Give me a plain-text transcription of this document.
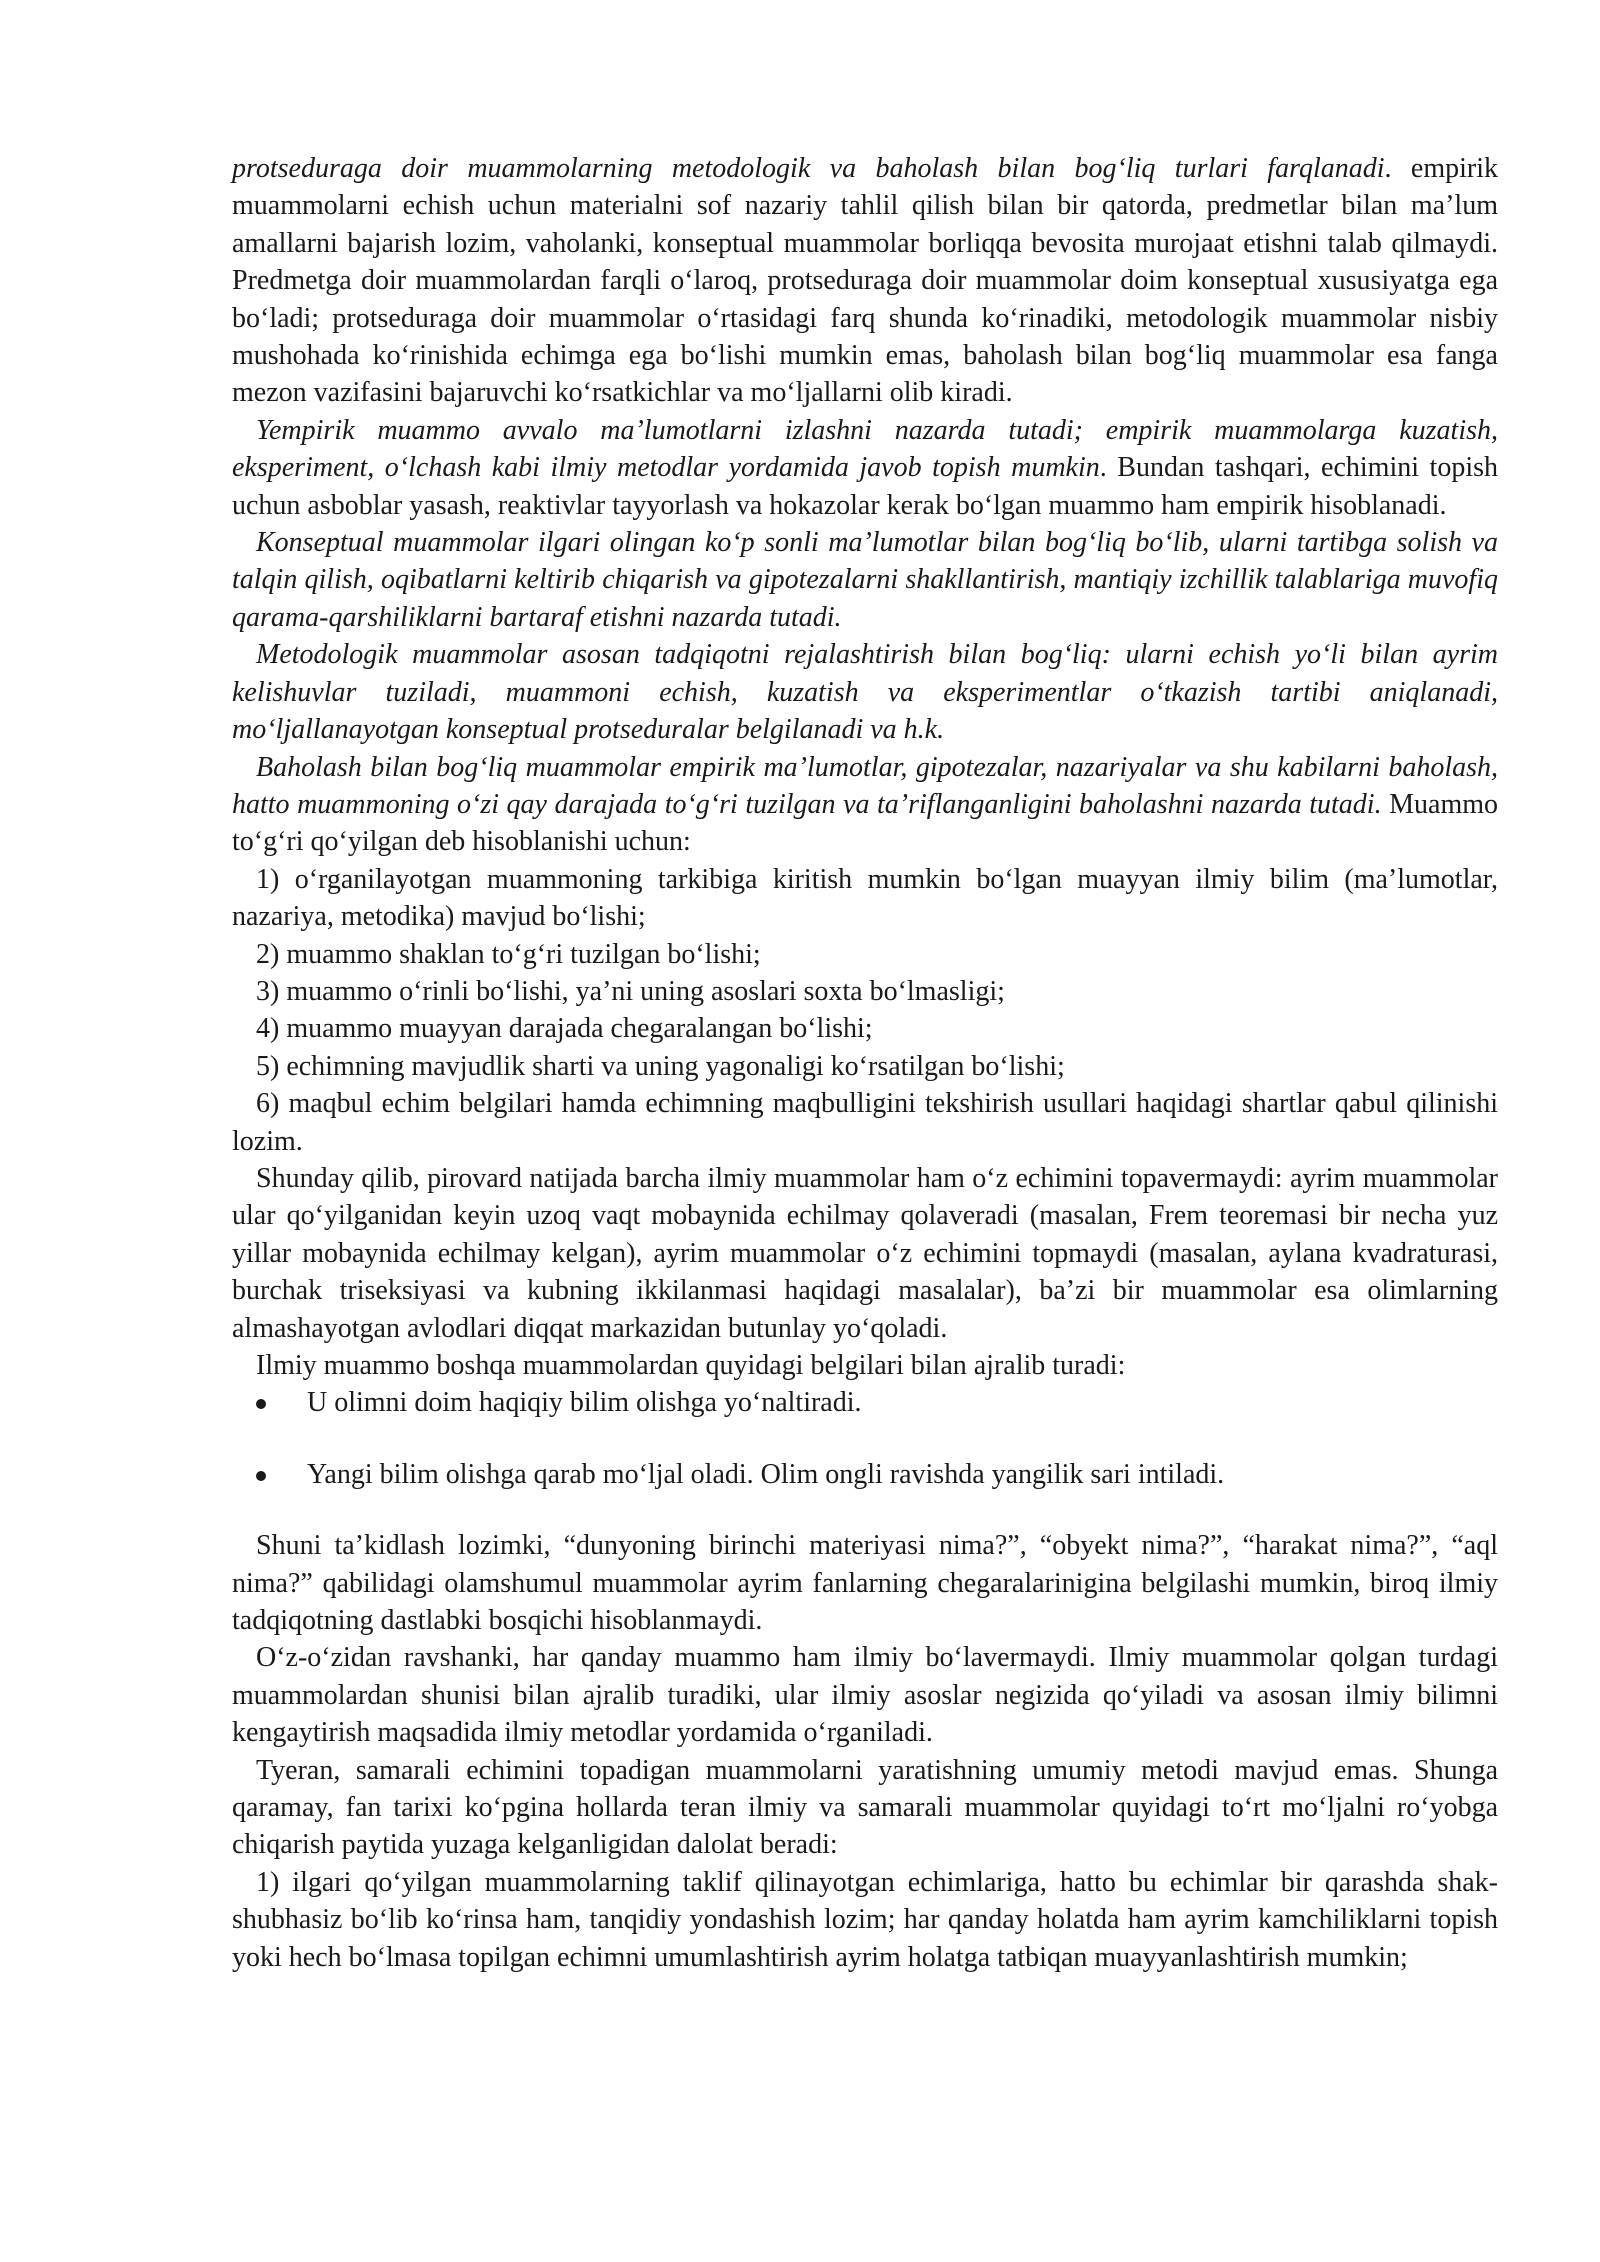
protseduraga doir muammolarning metodologik va baholash bilan bog‘liq turlari farqlanadi. empirik muammolarni echish uchun materialni sof nazariy tahlil qilish bilan bir qatorda, predmetlar bilan ma’lum amallarni bajarish lozim, vaholanki, konseptual muammolar borliqqa bevosita murojaat etishni talab qilmaydi. Predmetga doir muammolardan farqli o‘laroq, protseduraga doir muammolar doim konseptual xususiyatga ega bo‘ladi; protseduraga doir muammolar o‘rtasidagi farq shunda ko‘rinadiki, metodologik muammolar nisbiy mushohada ko‘rinishida echimga ega bo‘lishi mumkin emas, baholash bilan bog‘liq muammolar esa fanga mezon vazifasini bajaruvchi ko‘rsatkichlar va mo‘ljallarni olib kiradi.

Yempirik muammo avvalo ma’lumotlarni izlashni nazarda tutadi; empirik muammolarga kuzatish, eksperiment, o‘lchash kabi ilmiy metodlar yordamida javob topish mumkin. Bundan tashqari, echimini topish uchun asboblar yasash, reaktivlar tayyorlash va hokazolar kerak bo‘lgan muammo ham empirik hisoblanadi.

Konseptual muammolar ilgari olingan ko‘p sonli ma’lumotlar bilan bog‘liq bo‘lib, ularni tartibga solish va talqin qilish, oqibatlarni keltirib chiqarish va gipotezalarni shakllantirish, mantiqiy izchillik talablariga muvofiq qarama-qarshiliklarni bartaraf etishni nazarda tutadi.

Metodologik muammolar asosan tadqiqotni rejalashtirish bilan bog‘liq: ularni echish yo‘li bilan ayrim kelishuvlar tuziladi, muammoni echish, kuzatish va eksperimentlar o‘tkazish tartibi aniqlanadi, mo‘ljallanayotgan konseptual protseduralar belgilanadi va h.k.

Baholash bilan bog‘liq muammolar empirik ma’lumotlar, gipotezalar, nazariyalar va shu kabilarni baholash, hatto muammoning o‘zi qay darajada to‘g‘ri tuzilgan va ta’riflanganligini baholashni nazarda tutadi. Muammo to‘g‘ri qo‘yilgan deb hisoblanishi uchun:

1) o‘rganilayotgan muammoning tarkibiga kiritish mumkin bo‘lgan muayyan ilmiy bilim (ma’lumotlar, nazariya, metodika) mavjud bo‘lishi;

2) muammo shaklan to‘g‘ri tuzilgan bo‘lishi;

3) muammo o‘rinli bo‘lishi, ya’ni uning asoslari soxta bo‘lmasligi;

4) muammo muayyan darajada chegaralangan bo‘lishi;

5) echimning mavjudlik sharti va uning yagonaligi ko‘rsatilgan bo‘lishi;

6) maqbul echim belgilari hamda echimning maqbulligini tekshirish usullari haqidagi shartlar qabul qilinishi lozim.

Shunday qilib, pirovard natijada barcha ilmiy muammolar ham o‘z echimini topavermaydi: ayrim muammolar ular qo‘yilganidan keyin uzoq vaqt mobaynida echilmay qolaveradi (masalan, Frem teoremasi bir necha yuz yillar mobaynida echilmay kelgan), ayrim muammolar o‘z echimini topmaydi (masalan, aylana kvadraturasi, burchak triseksiyasi va kubning ikkilanmasi haqidagi masalalar), ba’zi bir muammolar esa olimlarning almashayotgan avlodlari diqqat markazidan butunlay yo‘qoladi.

Ilmiy muammo boshqa muammolardan quyidagi belgilari bilan ajralib turadi:

U olimni doim haqiqiy bilim olishga yo‘naltiradi.
Yangi bilim olishga qarab mo‘ljal oladi. Olim ongli ravishda yangilik sari intiladi.

Shuni ta’kidlash lozimki, “dunyoning birinchi materiyasi nima?”, “obyekt nima?”, “harakat nima?”, “aql nima?” qabilidagi olamshumul muammolar ayrim fanlarning chegaralarinigina belgilashi mumkin, biroq ilmiy tadqiqotning dastlabki bosqichi hisoblanmaydi.

O‘z-o‘zidan ravshanki, har qanday muammo ham ilmiy bo‘lavermaydi. Ilmiy muammolar qolgan turdagi muammolardan shunisi bilan ajralib turadiki, ular ilmiy asoslar negizida qo‘yiladi va asosan ilmiy bilimni kengaytirish maqsadida ilmiy metodlar yordamida o‘rganiladi.

Tyeran, samarali echimini topadigan muammolarni yaratishning umumiy metodi mavjud emas. Shunga qaramay, fan tarixi ko‘pgina hollarda teran ilmiy va samarali muammolar quyidagi to‘rt mo‘ljalni ro‘yobga chiqarish paytida yuzaga kelganligidan dalolat beradi:

1) ilgari qo‘yilgan muammolarning taklif qilinayotgan echimlariga, hatto bu echimlar bir qarashda shak-shubhasiz bo‘lib ko‘rinsa ham, tanqidiy yondashish lozim; har qanday holatda ham ayrim kamchiliklarni topish yoki hech bo‘lmasa topilgan echimni umumlashtirish ayrim holatga tatbiqan muayyanlashtirish mumkin;
